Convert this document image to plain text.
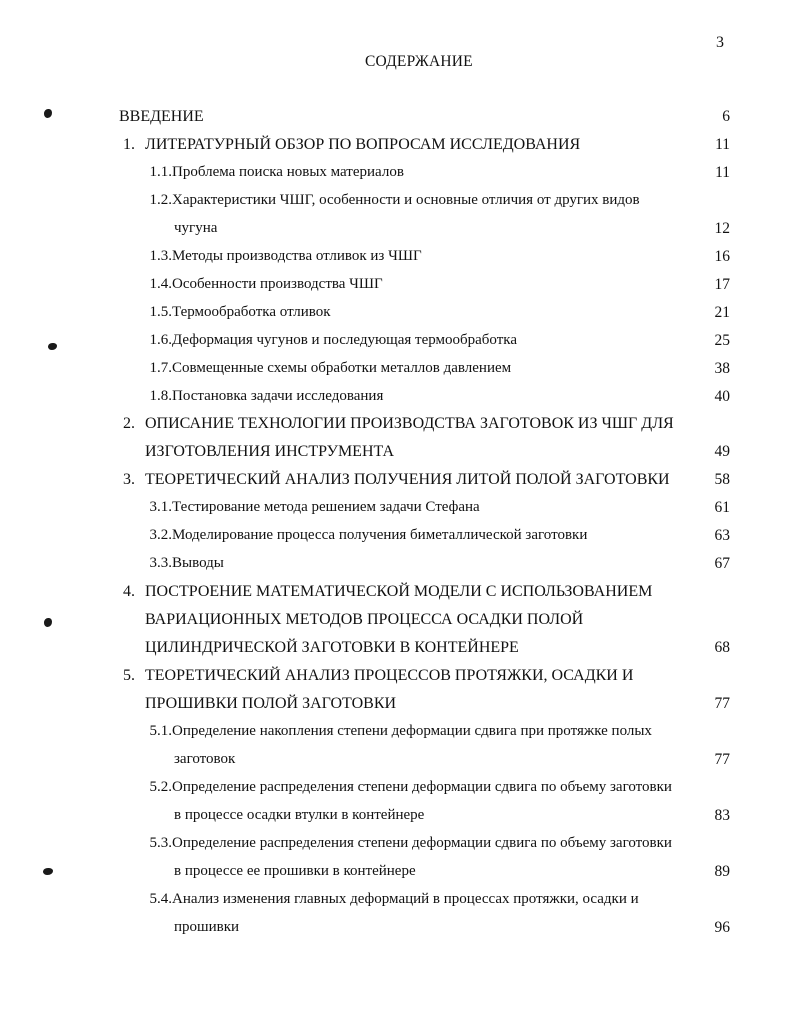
3
СОДЕРЖАНИЕ
ВВЕДЕНИЕ	6
1. ЛИТЕРАТУРНЫЙ ОБЗОР ПО ВОПРОСАМ ИССЛЕДОВАНИЯ	11
1.1. Проблема поиска новых материалов	11
1.2. Характеристики ЧШГ, особенности и основные отличия от других видов
чугуна	12
1.3. Методы производства отливок из ЧШГ	16
1.4. Особенности производства ЧШГ	17
1.5. Термообработка отливок	21
1.6. Деформация чугунов и последующая термообработка	25
1.7. Совмещенные схемы обработки металлов давлением	38
1.8. Постановка задачи исследования	40
2. ОПИСАНИЕ ТЕХНОЛОГИИ ПРОИЗВОДСТВА ЗАГОТОВОК ИЗ ЧШГ ДЛЯ
ИЗГОТОВЛЕНИЯ ИНСТРУМЕНТА	49
3. ТЕОРЕТИЧЕСКИЙ АНАЛИЗ ПОЛУЧЕНИЯ ЛИТОЙ ПОЛОЙ ЗАГОТОВКИ	58
3.1. Тестирование метода решением задачи Стефана	61
3.2. Моделирование процесса получения биметаллической заготовки	63
3.3. Выводы	67
4. ПОСТРОЕНИЕ МАТЕМАТИЧЕСКОЙ МОДЕЛИ С ИСПОЛЬЗОВАНИЕМ
ВАРИАЦИОННЫХ МЕТОДОВ ПРОЦЕССА ОСАДКИ ПОЛОЙ
ЦИЛИНДРИЧЕСКОЙ ЗАГОТОВКИ В КОНТЕЙНЕРЕ	68
5. ТЕОРЕТИЧЕСКИЙ АНАЛИЗ ПРОЦЕССОВ ПРОТЯЖКИ, ОСАДКИ И
ПРОШИВКИ ПОЛОЙ ЗАГОТОВКИ	77
5.1. Определение накопления степени деформации сдвига при протяжке полых
заготовок	77
5.2. Определение распределения степени деформации сдвига по объему заготовки
в процессе осадки втулки в контейнере	83
5.3. Определение распределения степени деформации сдвига по объему заготовки
в процессе ее прошивки в контейнере	89
5.4. Анализ изменения главных деформаций в процессах протяжки, осадки и
прошивки	96
